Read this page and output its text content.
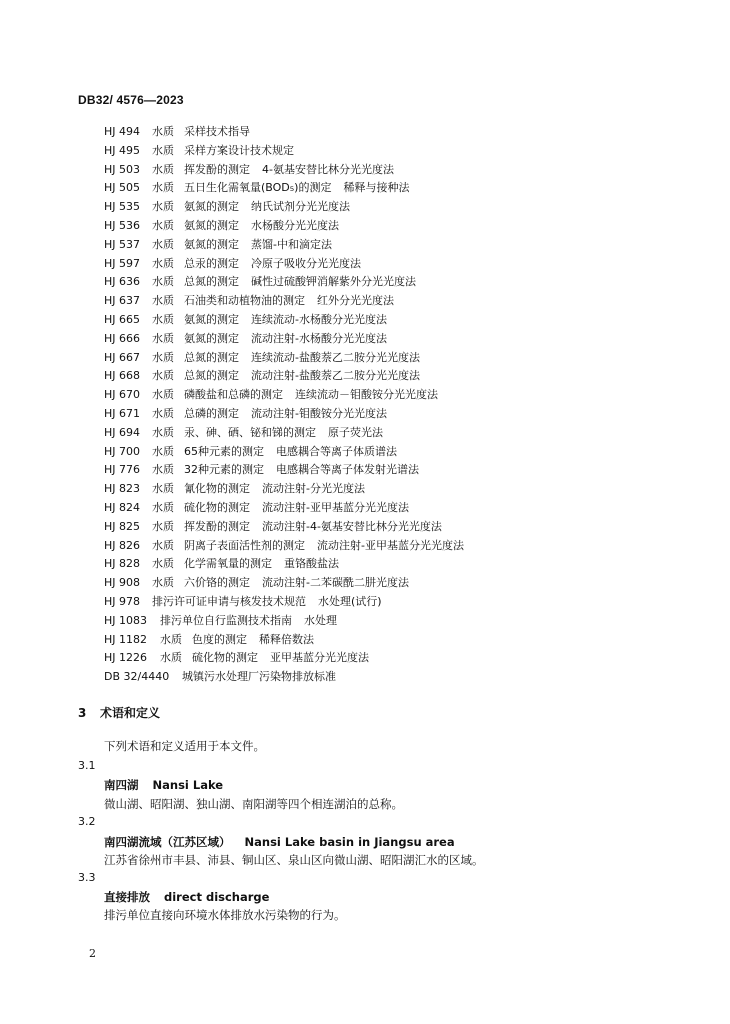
DB32/ 4576—2023
HJ 494 水质 采样技术指导
HJ 495 水质 采样方案设计技术规定
HJ 503 水质 挥发酚的测定 4-氨基安替比林分光光度法
HJ 505 水质 五日生化需氧量(BOD₅)的测定 稀释与接种法
HJ 535 水质 氨氮的测定 纳氏试剂分光光度法
HJ 536 水质 氨氮的测定 水杨酸分光光度法
HJ 537 水质 氨氮的测定 蒸馏-中和滴定法
HJ 597 水质 总汞的测定 冷原子吸收分光光度法
HJ 636 水质 总氮的测定 碱性过硫酸钾消解紫外分光光度法
HJ 637 水质 石油类和动植物油的测定 红外分光光度法
HJ 665 水质 氨氮的测定 连续流动-水杨酸分光光度法
HJ 666 水质 氨氮的测定 流动注射-水杨酸分光光度法
HJ 667 水质 总氮的测定 连续流动-盐酸萘乙二胺分光光度法
HJ 668 水质 总氮的测定 流动注射-盐酸萘乙二胺分光光度法
HJ 670 水质 磷酸盐和总磷的测定 连续流动－钼酸铵分光光度法
HJ 671 水质 总磷的测定 流动注射-钼酸铵分光光度法
HJ 694 水质 汞、砷、硒、铋和锑的测定 原子荧光法
HJ 700 水质 65种元素的测定 电感耦合等离子体质谱法
HJ 776 水质 32种元素的测定 电感耦合等离子体发射光谱法
HJ 823 水质 氰化物的测定 流动注射-分光光度法
HJ 824 水质 硫化物的测定 流动注射-亚甲基蓝分光光度法
HJ 825 水质 挥发酚的测定 流动注射-4-氨基安替比林分光光度法
HJ 826 水质 阴离子表面活性剂的测定 流动注射-亚甲基蓝分光光度法
HJ 828 水质 化学需氧量的测定 重铬酸盐法
HJ 908 水质 六价铬的测定 流动注射-二苯碳酰二肼光度法
HJ 978 排污许可证申请与核发技术规范 水处理(试行)
HJ 1083 排污单位自行监测技术指南 水处理
HJ 1182 水质 色度的测定 稀释倍数法
HJ 1226 水质 硫化物的测定 亚甲基蓝分光光度法
DB 32/4440 城镇污水处理厂污染物排放标准
3 术语和定义
下列术语和定义适用于本文件。
3.1
南四湖 Nansi Lake
微山湖、昭阳湖、独山湖、南阳湖等四个相连湖泊的总称。
3.2
南四湖流域（江苏区域） Nansi Lake basin in Jiangsu area
江苏省徐州市丰县、沛县、铜山区、泉山区向微山湖、昭阳湖汇水的区域。
3.3
直接排放 direct discharge
排污单位直接向环境水体排放水污染物的行为。
2
